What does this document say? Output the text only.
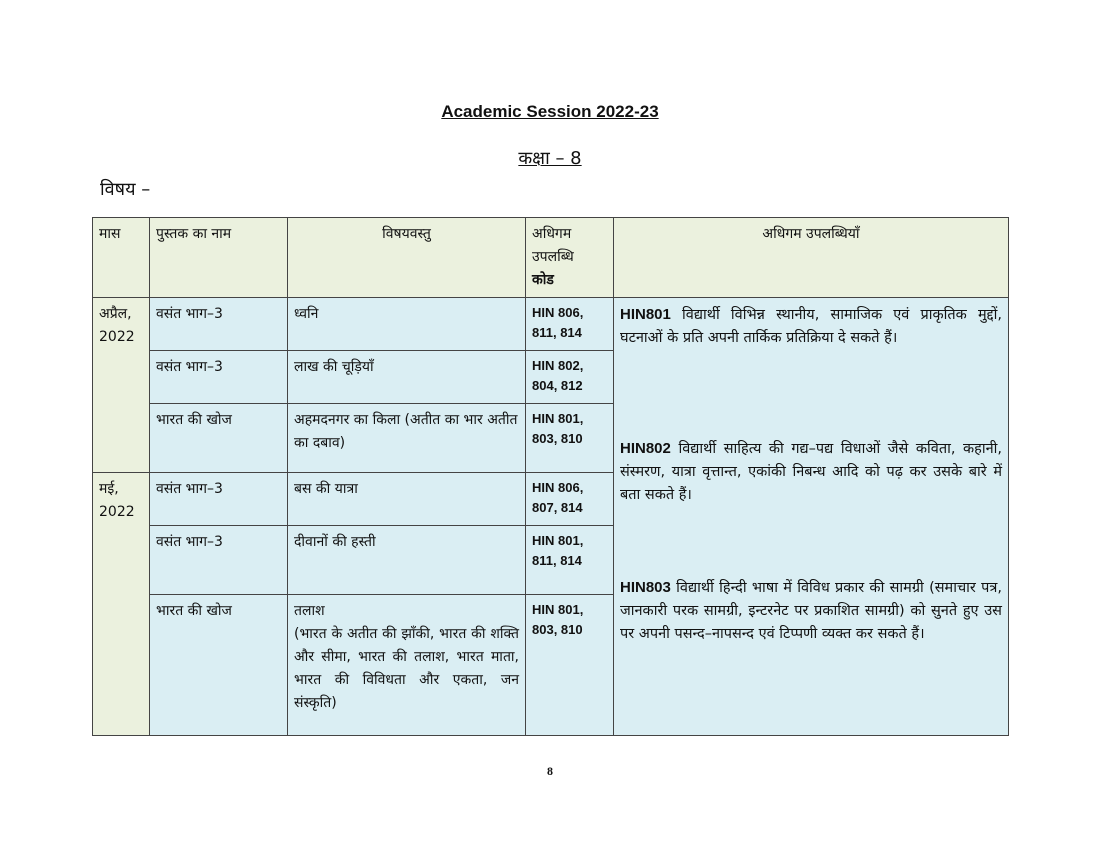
Academic Session 2022-23
कक्षा – 8
विषय –
मास	पुस्तक का नाम	विषयवस्तु	अधिगम
उपलब्धि
कोड	अधिगम उपलब्धियाँ

अप्रैल,
2022	वसंत भाग–3	ध्वनि	HIN 806,
811, 814	HIN801 विद्यार्थी विभिन्न स्थानीय, सामाजिक एवं प्राकृतिक मुद्दों, घटनाओं के प्रति अपनी तार्किक प्रतिक्रिया दे सकते हैं।
HIN802 विद्यार्थी साहित्य की गद्य–पद्य विधाओं जैसे कविता, कहानी, संस्मरण, यात्रा वृत्तान्त, एकांकी निबन्ध आदि को पढ़ कर उसके बारे में बता सकते हैं।
HIN803 विद्यार्थी हिन्दी भाषा में विविध प्रकार की सामग्री (समाचार पत्र, जानकारी परक सामग्री, इन्टरनेट पर प्रकाशित सामग्री) को सुनते हुए उस पर अपनी पसन्द–नापसन्द एवं टिप्पणी व्यक्त कर सकते हैं।

	वसंत भाग–3	लाख की चूड़ियाँ	HIN 802,
804, 812	

	भारत की खोज	अहमदनगर का किला (अतीत का भार अतीत का दबाव)	HIN 801,
803, 810	

मई,
2022	वसंत भाग–3	बस की यात्रा	HIN 806,
807, 814	

	वसंत भाग–3	दीवानों की हस्ती	HIN 801,
811, 814	

	भारत की खोज	तलाश
(भारत के अतीत की झाँकी, भारत की शक्ति और सीमा, भारत की तलाश, भारत माता, भारत की विविधता और एकता, जन संस्कृति)	HIN 801,
803, 810	
8
